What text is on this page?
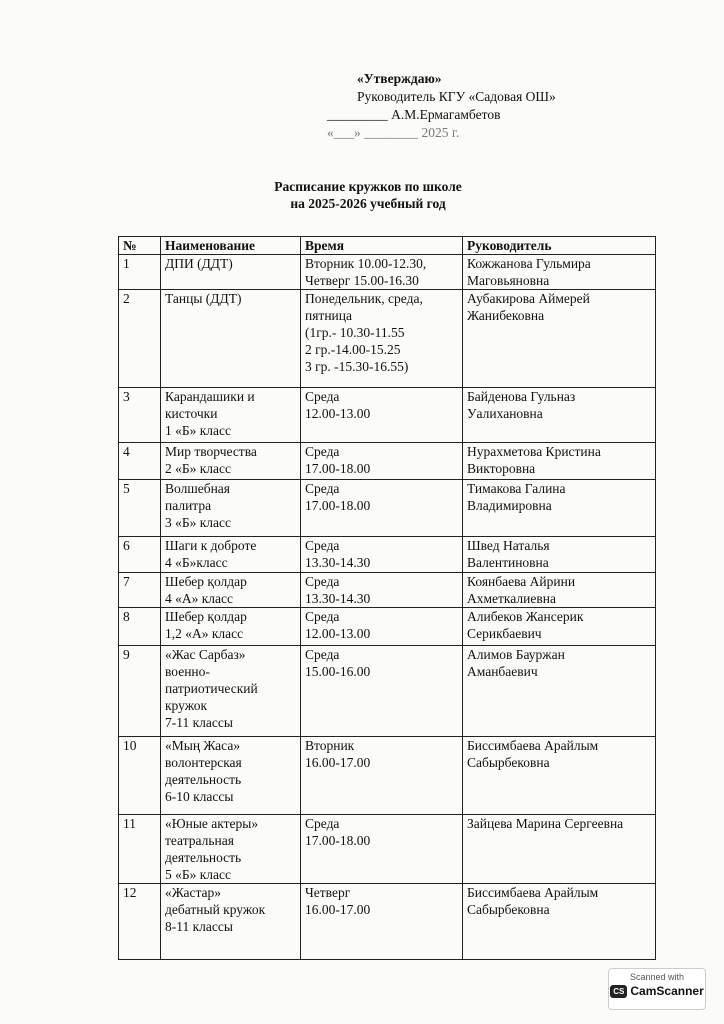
«Утверждаю»
Руководитель КГУ «Садовая ОШ»
_________ А.М.Ермагамбетов
«___» ________ 2025 г.
Расписание кружков по школе
на 2025-2026 учебный год
№	Наименование	Время	Руководитель
1	ДПИ (ДДТ)	Вторник 10.00-12.30,
Четверг 15.00-16.30	Кожжанова Гульмира
Маговьяновна
2	Танцы (ДДТ)	Понедельник, среда,
пятница
(1гр.- 10.30-11.55
2 гр.-14.00-15.25
3 гр. -15.30-16.55)	Аубакирова Аймерей
Жанибековна
3	Карандашики и
кисточки
1 «Б» класс	Среда
12.00-13.00	Байденова Гульназ
Уалихановна
4	Мир творчества
2 «Б» класс	Среда
17.00-18.00	Нурахметова Кристина
Викторовна
5	Волшебная
палитра
3 «Б» класс	Среда
17.00-18.00	Тимакова Галина
Владимировна
6	Шаги к доброте
4 «Б»класс	Среда
13.30-14.30	Швед Наталья
Валентиновна
7	Шебер қолдар
4 «А» класс	Среда
13.30-14.30	Коянбаева Айрини
Ахметкалиевна
8	Шебер қолдар
1,2 «А» класс	Среда
12.00-13.00	Алибеков Жансерик
Серикбаевич
9	«Жас Сарбаз»
военно-
патриотический
кружок
7-11 классы	Среда
15.00-16.00	Алимов Бауржан
Аманбаевич
10	«Мың Жаса»
волонтерская
деятельность
6-10 классы	Вторник
16.00-17.00	Биссимбаева Арайлым
Сабырбековна
11	«Юные актеры»
театральная
деятельность
5 «Б» класс	Среда
17.00-18.00	Зайцева Марина Сергеевна
12	«Жастар»
дебатный кружок
8-11 классы	Четверг
16.00-17.00	Биссимбаева Арайлым
Сабырбековна
Scanned with
CS CamScanner
